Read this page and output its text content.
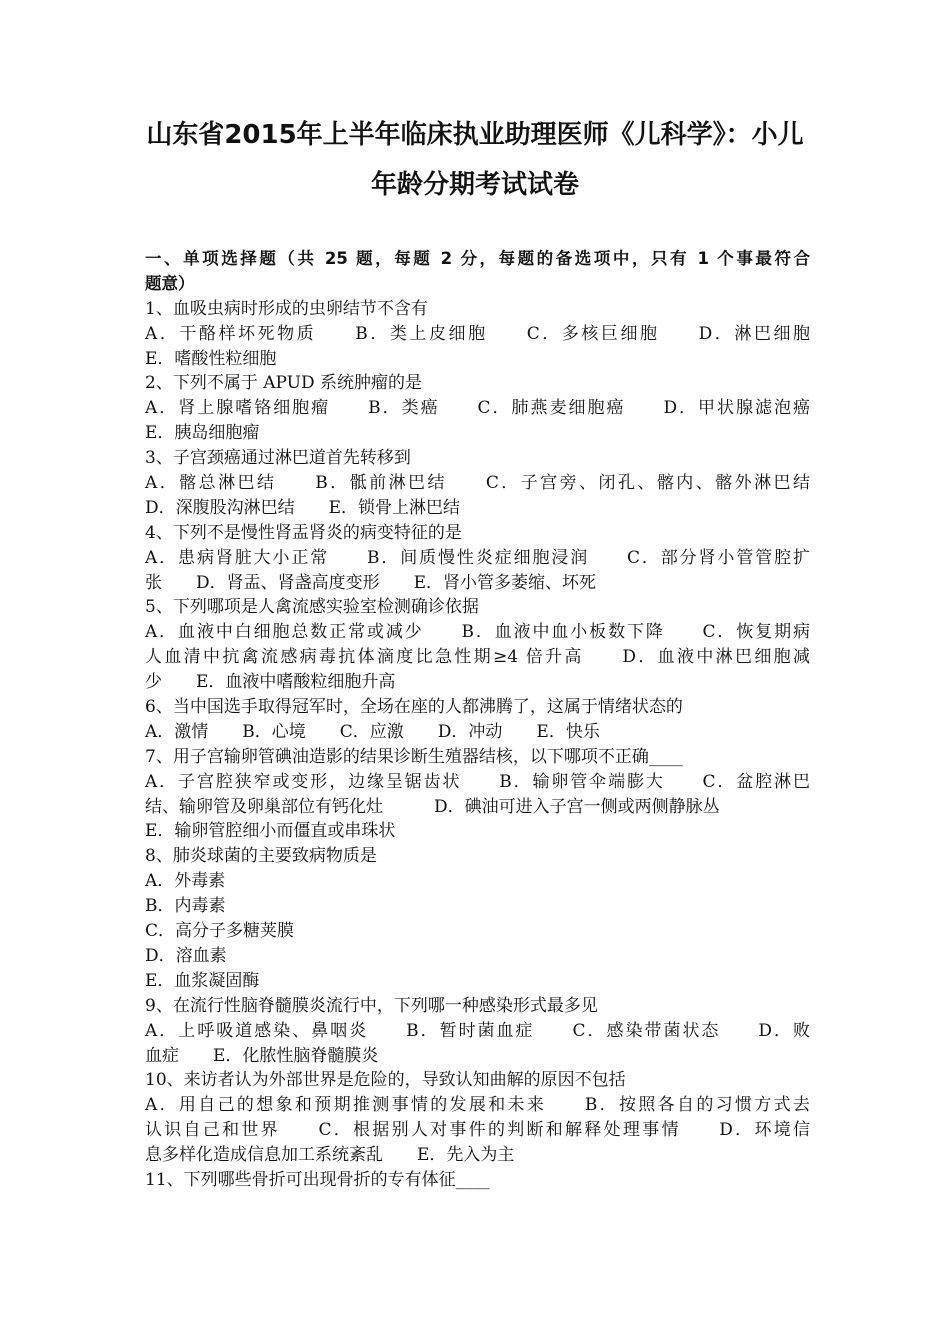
山东省2015年上半年临床执业助理医师《儿科学》：小儿
年龄分期考试试卷
一、单项选择题（共 25 题，每题 2 分，每题的备选项中，只有 1 个事最符合
题意）
1、血吸虫病时形成的虫卵结节不含有
A．干酪样坏死物质　　B．类上皮细胞　　C．多核巨细胞　　D．淋巴细胞
E．嗜酸性粒细胞
2、下列不属于 APUD 系统肿瘤的是
A．肾上腺嗜铬细胞瘤　　B．类癌　　C．肺燕麦细胞癌　　D．甲状腺滤泡癌
E．胰岛细胞瘤
3、子宫颈癌通过淋巴道首先转移到
A．髂总淋巴结　　B．骶前淋巴结　　C．子宫旁、闭孔、髂内、髂外淋巴结
D．深腹股沟淋巴结　　E．锁骨上淋巴结
4、下列不是慢性肾盂肾炎的病变特征的是
A．患病肾脏大小正常　　B．间质慢性炎症细胞浸润　　C．部分肾小管管腔扩
张　　D．肾盂、肾盏高度变形　　E．肾小管多萎缩、坏死
5、下列哪项是人禽流感实验室检测确诊依据
A．血液中白细胞总数正常或减少　　B．血液中血小板数下降　　C．恢复期病
人血清中抗禽流感病毒抗体滴度比急性期≥4 倍升高　　D．血液中淋巴细胞减
少　　E．血液中嗜酸粒细胞升高
6、当中国选手取得冠军时，全场在座的人都沸腾了，这属于情绪状态的
A．激情　　B．心境　　C．应激　　D．冲动　　E．快乐
7、用子宫输卵管碘油造影的结果诊断生殖器结核，以下哪项不正确____
A．子宫腔狭窄或变形，边缘呈锯齿状　　B．输卵管伞端膨大　　C．盆腔淋巴
结、输卵管及卵巢部位有钙化灶　　　D．碘油可进入子宫一侧或两侧静脉丛
E．输卵管腔细小而僵直或串珠状
8、肺炎球菌的主要致病物质是
A．外毒素
B．内毒素
C．高分子多糖荚膜
D．溶血素
E．血浆凝固酶
9、在流行性脑脊髓膜炎流行中，下列哪一种感染形式最多见
A．上呼吸道感染、鼻咽炎　　B．暂时菌血症　　C．感染带菌状态　　D．败
血症　　E．化脓性脑脊髓膜炎
10、来访者认为外部世界是危险的，导致认知曲解的原因不包括
A．用自己的想象和预期推测事情的发展和未来　　B．按照各自的习惯方式去
认识自己和世界　　C．根据别人对事件的判断和解释处理事情　　D．环境信
息多样化造成信息加工系统紊乱　　E．先入为主
11、下列哪些骨折可出现骨折的专有体征____
